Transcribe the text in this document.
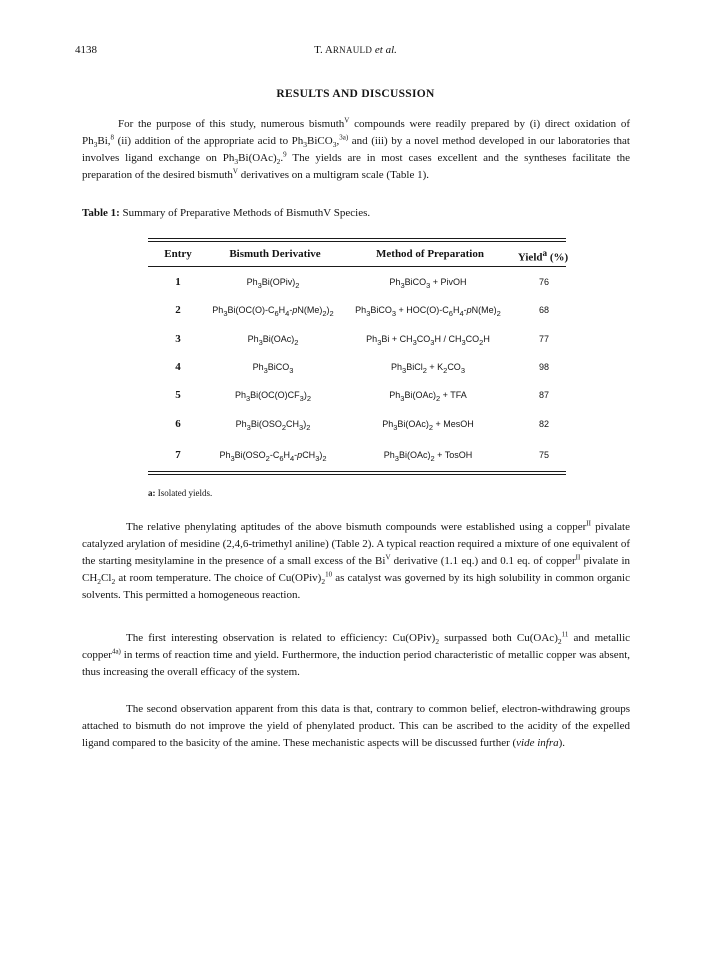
4138	T. ARNAULD et al.
RESULTS AND DISCUSSION

For the purpose of this study, numerous bismuth$^V$ compounds were readily prepared by (i) direct oxidation of $Ph_3Bi,^8$ (ii) addition of the appropriate acid to $Ph_3BiCO_3,^{3a)}$ and (iii) by a novel method developed in our laboratories that involves ligand exchange on $Ph_3Bi(OAc)_2.^9$ The yields are in most cases excellent and the syntheses facilitate the preparation of the desired bismuth$^V$ derivatives on a multigram scale (Table 1).

Table 1: Summary of Preparative Methods of BismuthV Species.
Entry	Bismuth Derivative	Method of Preparation	Yield$^a$ (%)
1	$Ph_3Bi(OPiv)_2$	$Ph_3BiCO_3$ + PivOH	76
2	$Ph_3Bi(OC(O)-C_6H_4-pN(Me)_2)_2$	$Ph_3BiCO_3 + HOC(O)-C_6H_4-pN(Me)_2$	68
3	$Ph_3Bi(OAc)_2$	$Ph_3Bi + CH_3CO_3H / CH_3CO_2H$	77
4	$Ph_3BiCO_3$	$Ph_3BiCl_2 + K_2CO_3$	98
5	$Ph_3Bi(OC(O)CF_3)_2$	$Ph_3Bi(OAc)_2$ + TFA	87
6	$Ph_3Bi(OSO_2CH_3)_2$	$Ph_3Bi(OAc)_2$ + MesOH	82
7	$Ph_3Bi(OSO_2-C_6H_4-pCH_3)_2$	$Ph_3Bi(OAc)_2$ + TosOH	75
a: Isolated yields.

The relative phenylating aptitudes of the above bismuth compounds were established using a copper$^{II}$ pivalate catalyzed arylation of mesidine (2,4,6-trimethyl aniline) (Table 2). A typical reaction required a mixture of one equivalent of the starting mesitylamine in the presence of a small excess of the $Bi^V$ derivative (1.1 eq.) and 0.1 eq. of copper$^{II}$ pivalate in $CH_2Cl_2$ at room temperature. The choice of $Cu(OPiv)_2^{10}$ as catalyst was governed by its high solubility in common organic solvents. This permitted a homogeneous reaction.

The first interesting observation is related to efficiency: $Cu(OPiv)_2$ surpassed both $Cu(OAc)_2^{11}$ and metallic copper$^{4a)}$ in terms of reaction time and yield. Furthermore, the induction period characteristic of metallic copper was absent, thus increasing the overall efficacy of the system.

The second observation apparent from this data is that, contrary to common belief, electron-withdrawing groups attached to bismuth do not improve the yield of phenylated product. This can be ascribed to the acidity of the expelled ligand compared to the basicity of the amine. These mechanistic aspects will be discussed further (vide infra).
